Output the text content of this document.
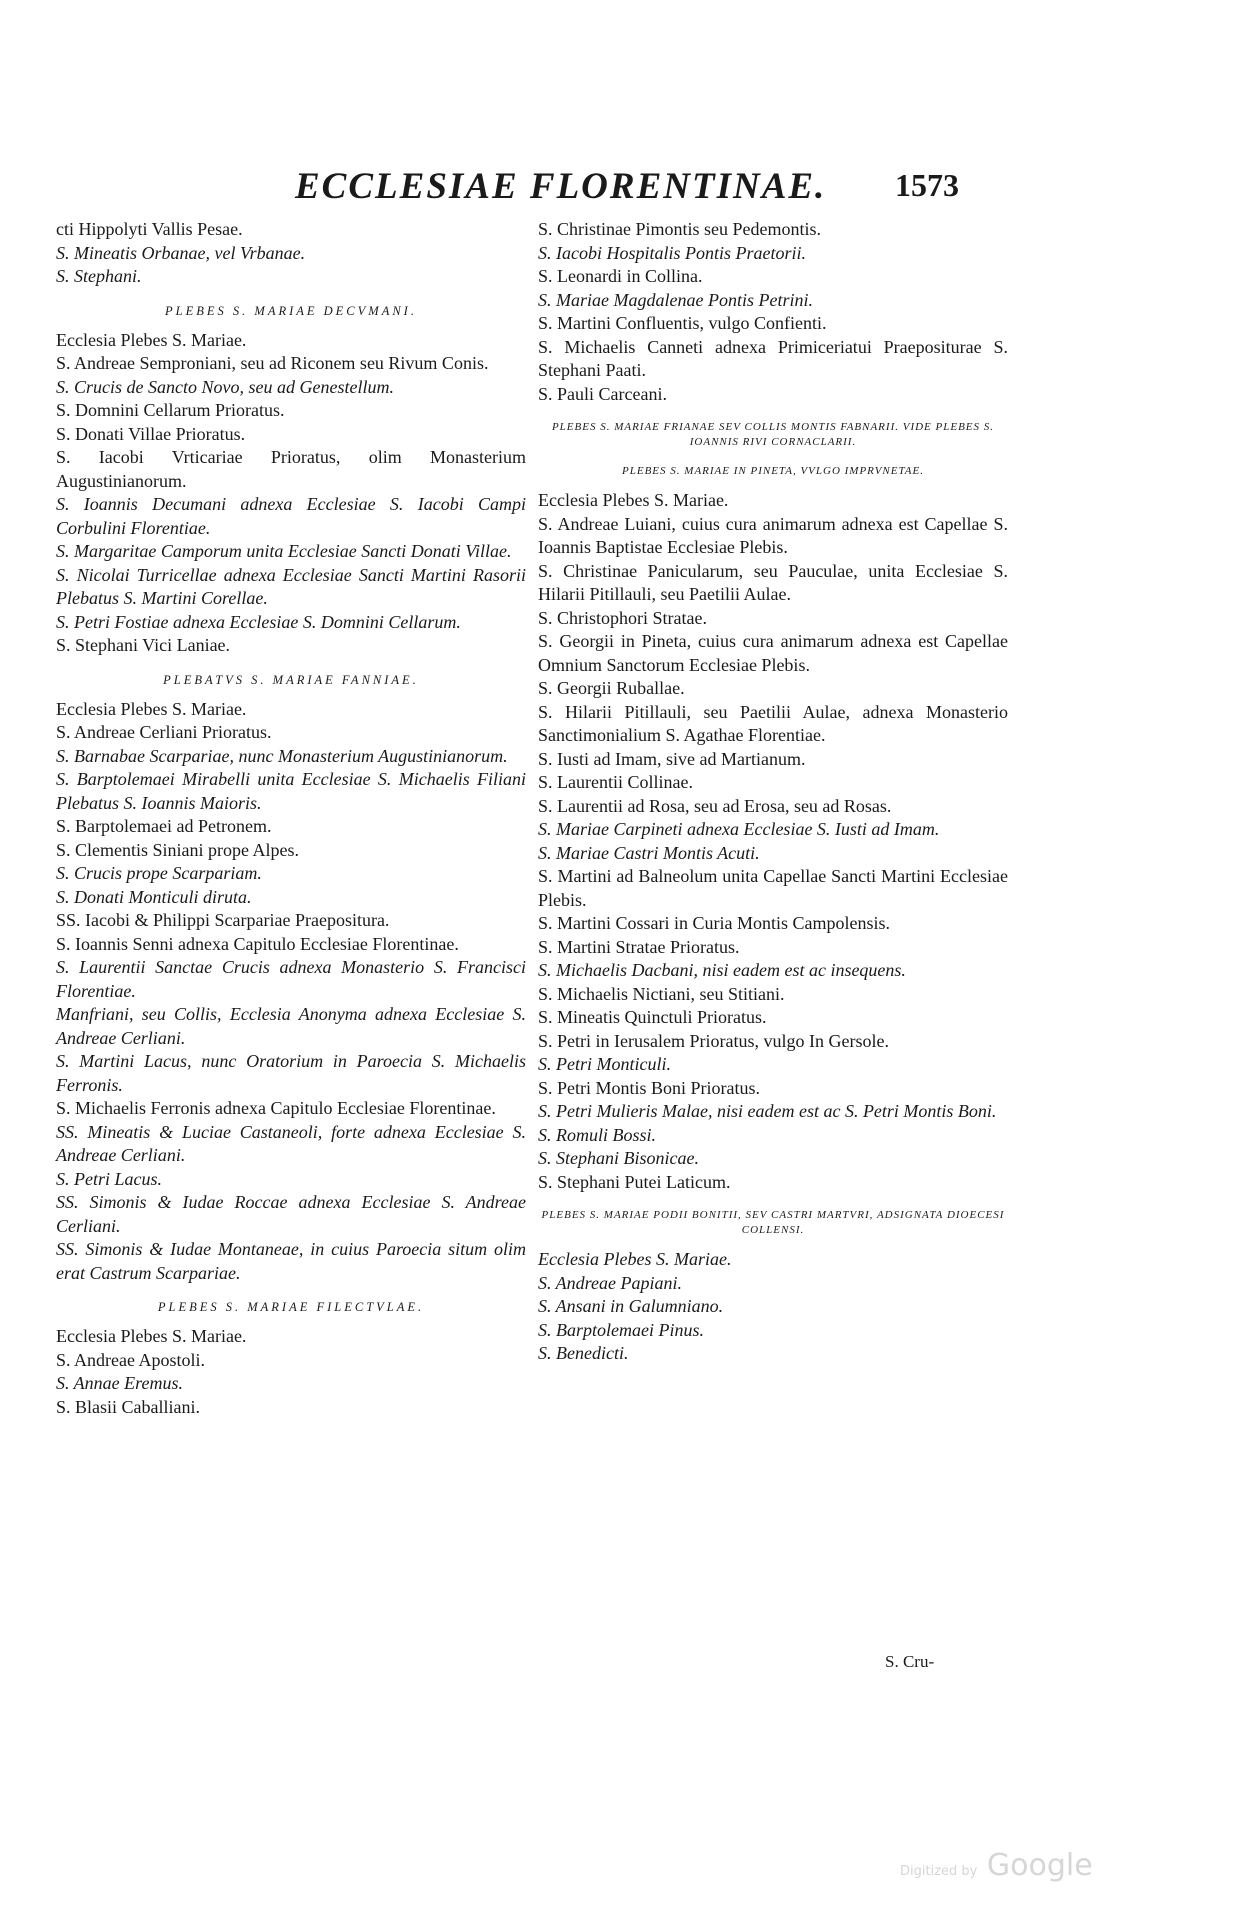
ECCLESIAE FLORENTINAE. 1573

cti Hippolyti Vallis Pesae.

S. Mineatis Orbanae, vel Vrbanae.

S. Stephani.

PLEBES S. MARIAE DECVMANI.

Ecclesia Plebes S. Mariae.

S. Andreae Semproniani, seu ad Riconem seu Rivum Conis.

S. Crucis de Sancto Novo, seu ad Genestellum.

S. Domnini Cellarum Prioratus.

S. Donati Villae Prioratus.

S. Iacobi Vrticariae Prioratus, olim Monasterium Augustinianorum.

S. Ioannis Decumani adnexa Ecclesiae S. Iacobi Campi Corbulini Florentiae.

S. Margaritae Camporum unita Ecclesiae Sancti Donati Villae.

S. Nicolai Turricellae adnexa Ecclesiae Sancti Martini Rasorii Plebatus S. Martini Corellae.

S. Petri Fostiae adnexa Ecclesiae S. Domnini Cellarum.

S. Stephani Vici Laniae.

PLEBATVS S. MARIAE FANNIAE.

Ecclesia Plebes S. Mariae.

S. Andreae Cerliani Prioratus.

S. Barnabae Scarpariae, nunc Monasterium Augustinianorum.

S. Barptolemaei Mirabelli unita Ecclesiae S. Michaelis Filiani Plebatus S. Ioannis Maioris.

S. Barptolemaei ad Petronem.

S. Clementis Siniani prope Alpes.

S. Crucis prope Scarpariam.

S. Donati Monticuli diruta.

SS. Iacobi & Philippi Scarpariae Praepositura.

S. Ioannis Senni adnexa Capitulo Ecclesiae Florentinae.

S. Laurentii Sanctae Crucis adnexa Monasterio S. Francisci Florentiae.

Manfriani, seu Collis, Ecclesia Anonyma adnexa Ecclesiae S. Andreae Cerliani.

S. Martini Lacus, nunc Oratorium in Paroecia S. Michaelis Ferronis.

S. Michaelis Ferronis adnexa Capitulo Ecclesiae Florentinae.

SS. Mineatis & Luciae Castaneoli, forte adnexa Ecclesiae S. Andreae Cerliani.

S. Petri Lacus.

SS. Simonis & Iudae Roccae adnexa Ecclesiae S. Andreae Cerliani.

SS. Simonis & Iudae Montaneae, in cuius Paroecia situm olim erat Castrum Scarpariae.

PLEBES S. MARIAE FILECTVLAE.

Ecclesia Plebes S. Mariae.

S. Andreae Apostoli.

S. Annae Eremus.

S. Blasii Caballiani.

S. Christinae Pimontis seu Pedemontis.

S. Iacobi Hospitalis Pontis Praetorii.

S. Leonardi in Collina.

S. Mariae Magdalenae Pontis Petrini.

S. Martini Confluentis, vulgo Confienti.

S. Michaelis Canneti adnexa Primiceriatui Praepositurae S. Stephani Paati.

S. Pauli Carceani.

PLEBES S. MARIAE FRIANAE SEV COLLIS MONTIS FABNARII. VIDE PLEBES S. IOANNIS RIVI CORNACLARII.

PLEBES S. MARIAE IN PINETA, VVLGO IMPRVNETAE.

Ecclesia Plebes S. Mariae.

S. Andreae Luiani, cuius cura animarum adnexa est Capellae S. Ioannis Baptistae Ecclesiae Plebis.

S. Christinae Panicularum, seu Pauculae, unita Ecclesiae S. Hilarii Pitillauli, seu Paetilii Aulae.

S. Christophori Stratae.

S. Georgii in Pineta, cuius cura animarum adnexa est Capellae Omnium Sanctorum Ecclesiae Plebis.

S. Georgii Ruballae.

S. Hilarii Pitillauli, seu Paetilii Aulae, adnexa Monasterio Sanctimonialium S. Agathae Florentiae.

S. Iusti ad Imam, sive ad Martianum.

S. Laurentii Collinae.

S. Laurentii ad Rosa, seu ad Erosa, seu ad Rosas.

S. Mariae Carpineti adnexa Ecclesiae S. Iusti ad Imam.

S. Mariae Castri Montis Acuti.

S. Martini ad Balneolum unita Capellae Sancti Martini Ecclesiae Plebis.

S. Martini Cossari in Curia Montis Campolensis.

S. Martini Stratae Prioratus.

S. Michaelis Dacbani, nisi eadem est ac insequens.

S. Michaelis Nictiani, seu Stitiani.

S. Mineatis Quinctuli Prioratus.

S. Petri in Ierusalem Prioratus, vulgo In Gersole.

S. Petri Monticuli.

S. Petri Montis Boni Prioratus.

S. Petri Mulieris Malae, nisi eadem est ac S. Petri Montis Boni.

S. Romuli Bossi.

S. Stephani Bisonicae.

S. Stephani Putei Laticum.

PLEBES S. MARIAE PODII BONITII, SEV CASTRI MARTVRI, ADSIGNATA DIOECESI COLLENSI.

Ecclesia Plebes S. Mariae.

S. Andreae Papiani.

S. Ansani in Galumniano.

S. Barptolemaei Pinus.

S. Benedicti.

S. Cru-
Digitized by Google
